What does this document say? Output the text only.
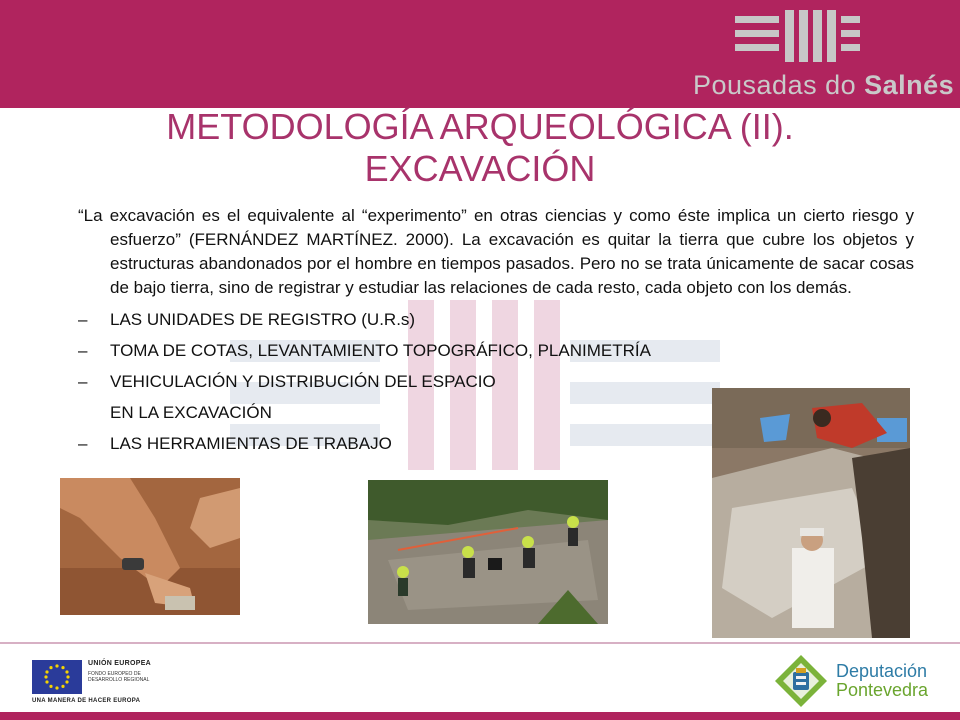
Pousadas do Salnés
METODOLOGÍA ARQUEOLÓGICA (II).
EXCAVACIÓN
“La excavación es el equivalente al “experimento” en otras ciencias y como éste implica un cierto riesgo y esfuerzo” (FERNÁNDEZ MARTÍNEZ. 2000). La excavación es quitar la tierra que cubre los objetos y estructuras abandonados por el hombre en tiempos pasados. Pero no se trata únicamente de sacar cosas de bajo tierra, sino de registrar y estudiar las relaciones de cada resto, cada objeto con los demás.
–	LAS UNIDADES DE REGISTRO (U.R.s)
–	TOMA DE COTAS, LEVANTAMIENTO TOPOGRÁFICO, PLANIMETRÍA
–	VEHICULACIÓN Y DISTRIBUCIÓN DEL ESPACIO
EN LA EXCAVACIÓN
–	LAS HERRAMIENTAS DE TRABAJO
UNIÓN EUROPEA
FONDO EUROPEO DE
DESARROLLO REGIONAL
UNA MANERA DE HACER EUROPA
Deputación
Pontevedra
